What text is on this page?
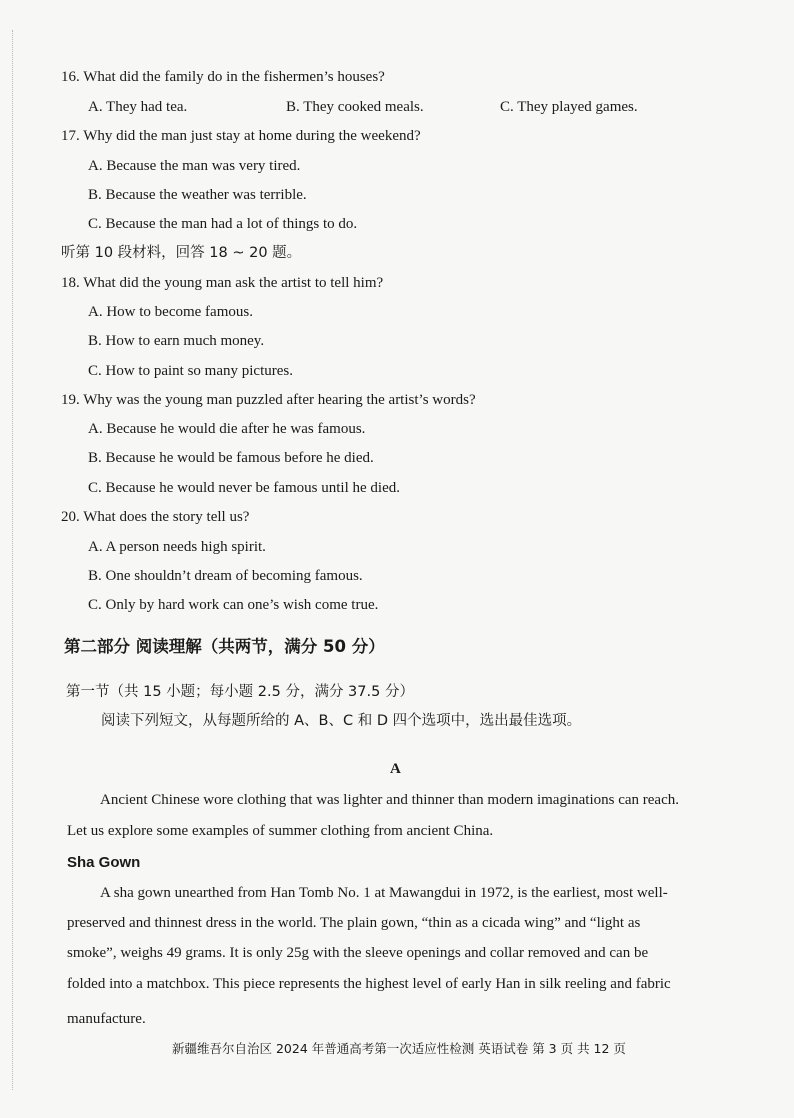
16. What did the family do in the fishermen’s houses?
A. They had tea.	B. They cooked meals.	C. They played games.
17. Why did the man just stay at home during the weekend?
A. Because the man was very tired.
B. Because the weather was terrible.
C. Because the man had a lot of things to do.
听第 10 段材料，回答 18 ~ 20 题。
18. What did the young man ask the artist to tell him?
A. How to become famous.
B. How to earn much money.
C. How to paint so many pictures.
19. Why was the young man puzzled after hearing the artist’s words?
A. Because he would die after he was famous.
B. Because he would be famous before he died.
C. Because he would never be famous until he died.
20. What does the story tell us?
A. A person needs high spirit.
B. One shouldn’t dream of becoming famous.
C. Only by hard work can one’s wish come true.
第二部分 阅读理解（共两节，满分 50 分）
第一节（共 15 小题；每小题 2.5 分，满分 37.5 分）
阅读下列短文，从每题所给的 A、B、C 和 D 四个选项中，选出最佳选项。
A
Ancient Chinese wore clothing that was lighter and thinner than modern imaginations can reach.
Let us explore some examples of summer clothing from ancient China.
Sha Gown
A sha gown unearthed from Han Tomb No. 1 at Mawangdui in 1972, is the earliest, most well-
preserved and thinnest dress in the world. The plain gown, “thin as a cicada wing” and “light as
smoke”, weighs 49 grams. It is only 25g with the sleeve openings and collar removed and can be
folded into a matchbox. This piece represents the highest level of early Han in silk reeling and fabric
manufacture.
新疆维吾尔自治区 2024 年普通高考第一次适应性检测 英语试卷 第 3 页 共 12 页
